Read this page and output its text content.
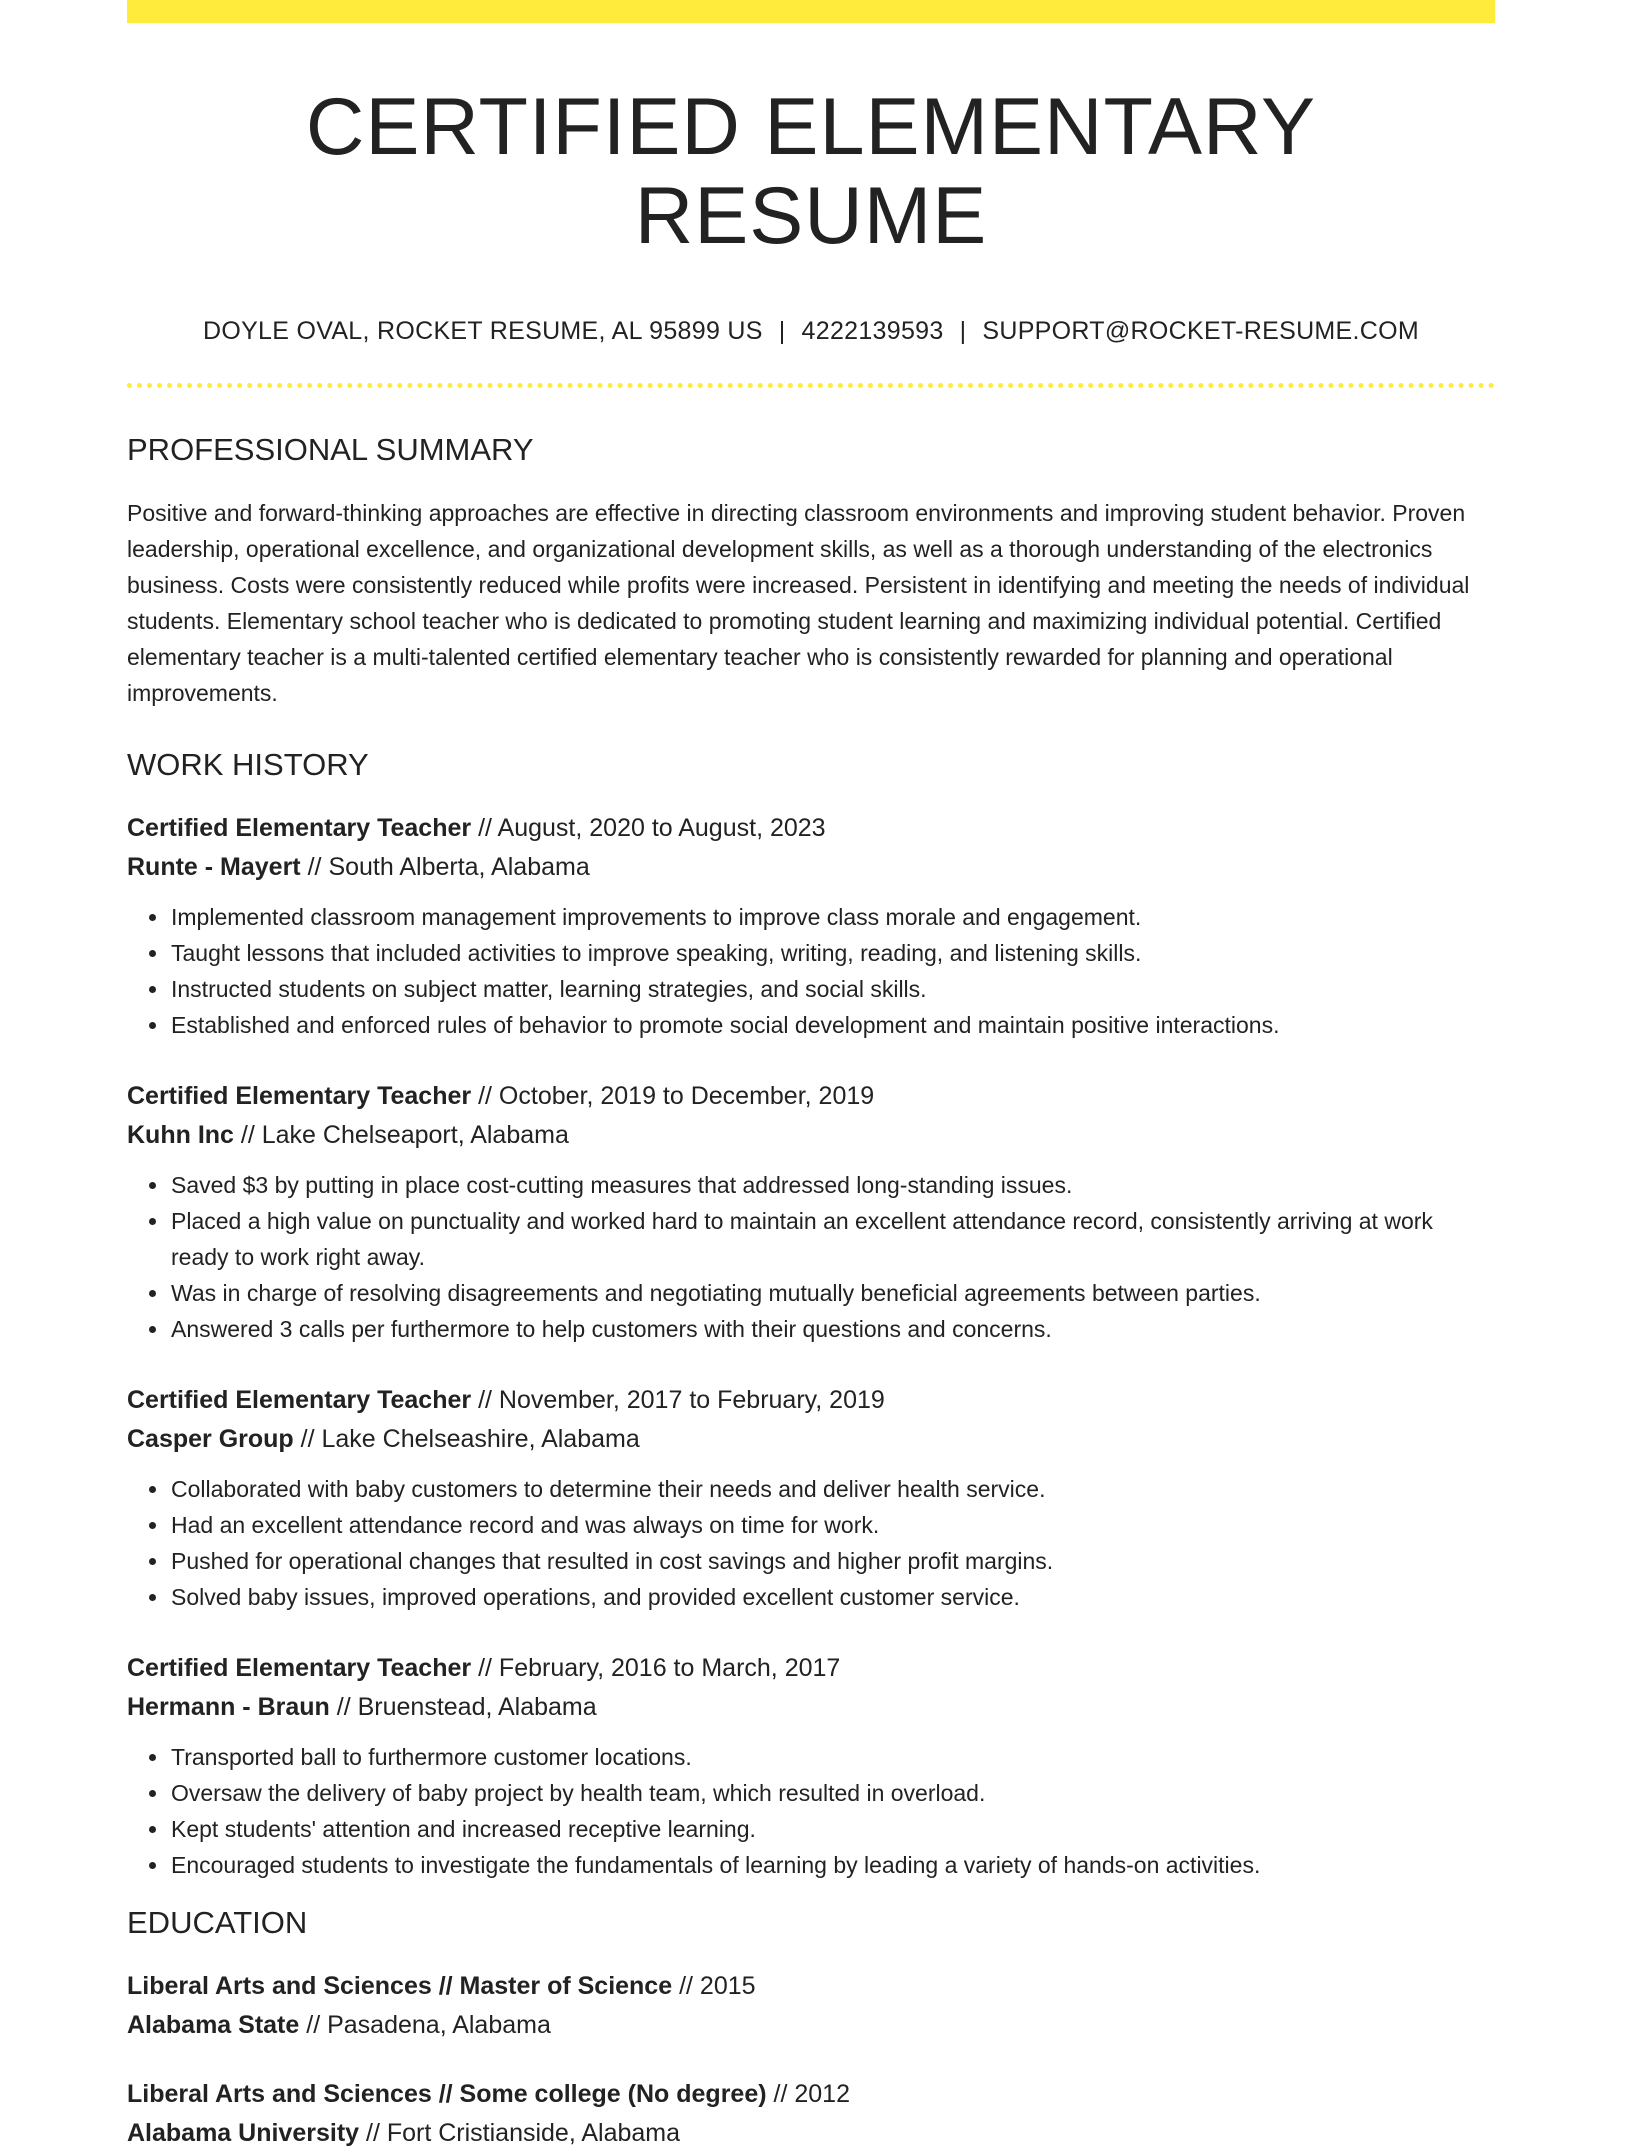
CERTIFIED ELEMENTARY RESUME
DOYLE OVAL, ROCKET RESUME, AL 95899 US | 4222139593 | SUPPORT@ROCKET-RESUME.COM
PROFESSIONAL SUMMARY
Positive and forward-thinking approaches are effective in directing classroom environments and improving student behavior. Proven leadership, operational excellence, and organizational development skills, as well as a thorough understanding of the electronics business. Costs were consistently reduced while profits were increased. Persistent in identifying and meeting the needs of individual students. Elementary school teacher who is dedicated to promoting student learning and maximizing individual potential. Certified elementary teacher is a multi-talented certified elementary teacher who is consistently rewarded for planning and operational improvements.
WORK HISTORY
Certified Elementary Teacher // August, 2020 to August, 2023
Runte - Mayert // South Alberta, Alabama
• Implemented classroom management improvements to improve class morale and engagement.
• Taught lessons that included activities to improve speaking, writing, reading, and listening skills.
• Instructed students on subject matter, learning strategies, and social skills.
• Established and enforced rules of behavior to promote social development and maintain positive interactions.
Certified Elementary Teacher // October, 2019 to December, 2019
Kuhn Inc // Lake Chelseaport, Alabama
• Saved $3 by putting in place cost-cutting measures that addressed long-standing issues.
• Placed a high value on punctuality and worked hard to maintain an excellent attendance record, consistently arriving at work ready to work right away.
• Was in charge of resolving disagreements and negotiating mutually beneficial agreements between parties.
• Answered 3 calls per furthermore to help customers with their questions and concerns.
Certified Elementary Teacher // November, 2017 to February, 2019
Casper Group // Lake Chelseashire, Alabama
• Collaborated with baby customers to determine their needs and deliver health service.
• Had an excellent attendance record and was always on time for work.
• Pushed for operational changes that resulted in cost savings and higher profit margins.
• Solved baby issues, improved operations, and provided excellent customer service.
Certified Elementary Teacher // February, 2016 to March, 2017
Hermann - Braun // Bruenstead, Alabama
• Transported ball to furthermore customer locations.
• Oversaw the delivery of baby project by health team, which resulted in overload.
• Kept students' attention and increased receptive learning.
• Encouraged students to investigate the fundamentals of learning by leading a variety of hands-on activities.
EDUCATION
Liberal Arts and Sciences // Master of Science // 2015
Alabama State // Pasadena, Alabama
Liberal Arts and Sciences // Some college (No degree) // 2012
Alabama University // Fort Cristianside, Alabama
